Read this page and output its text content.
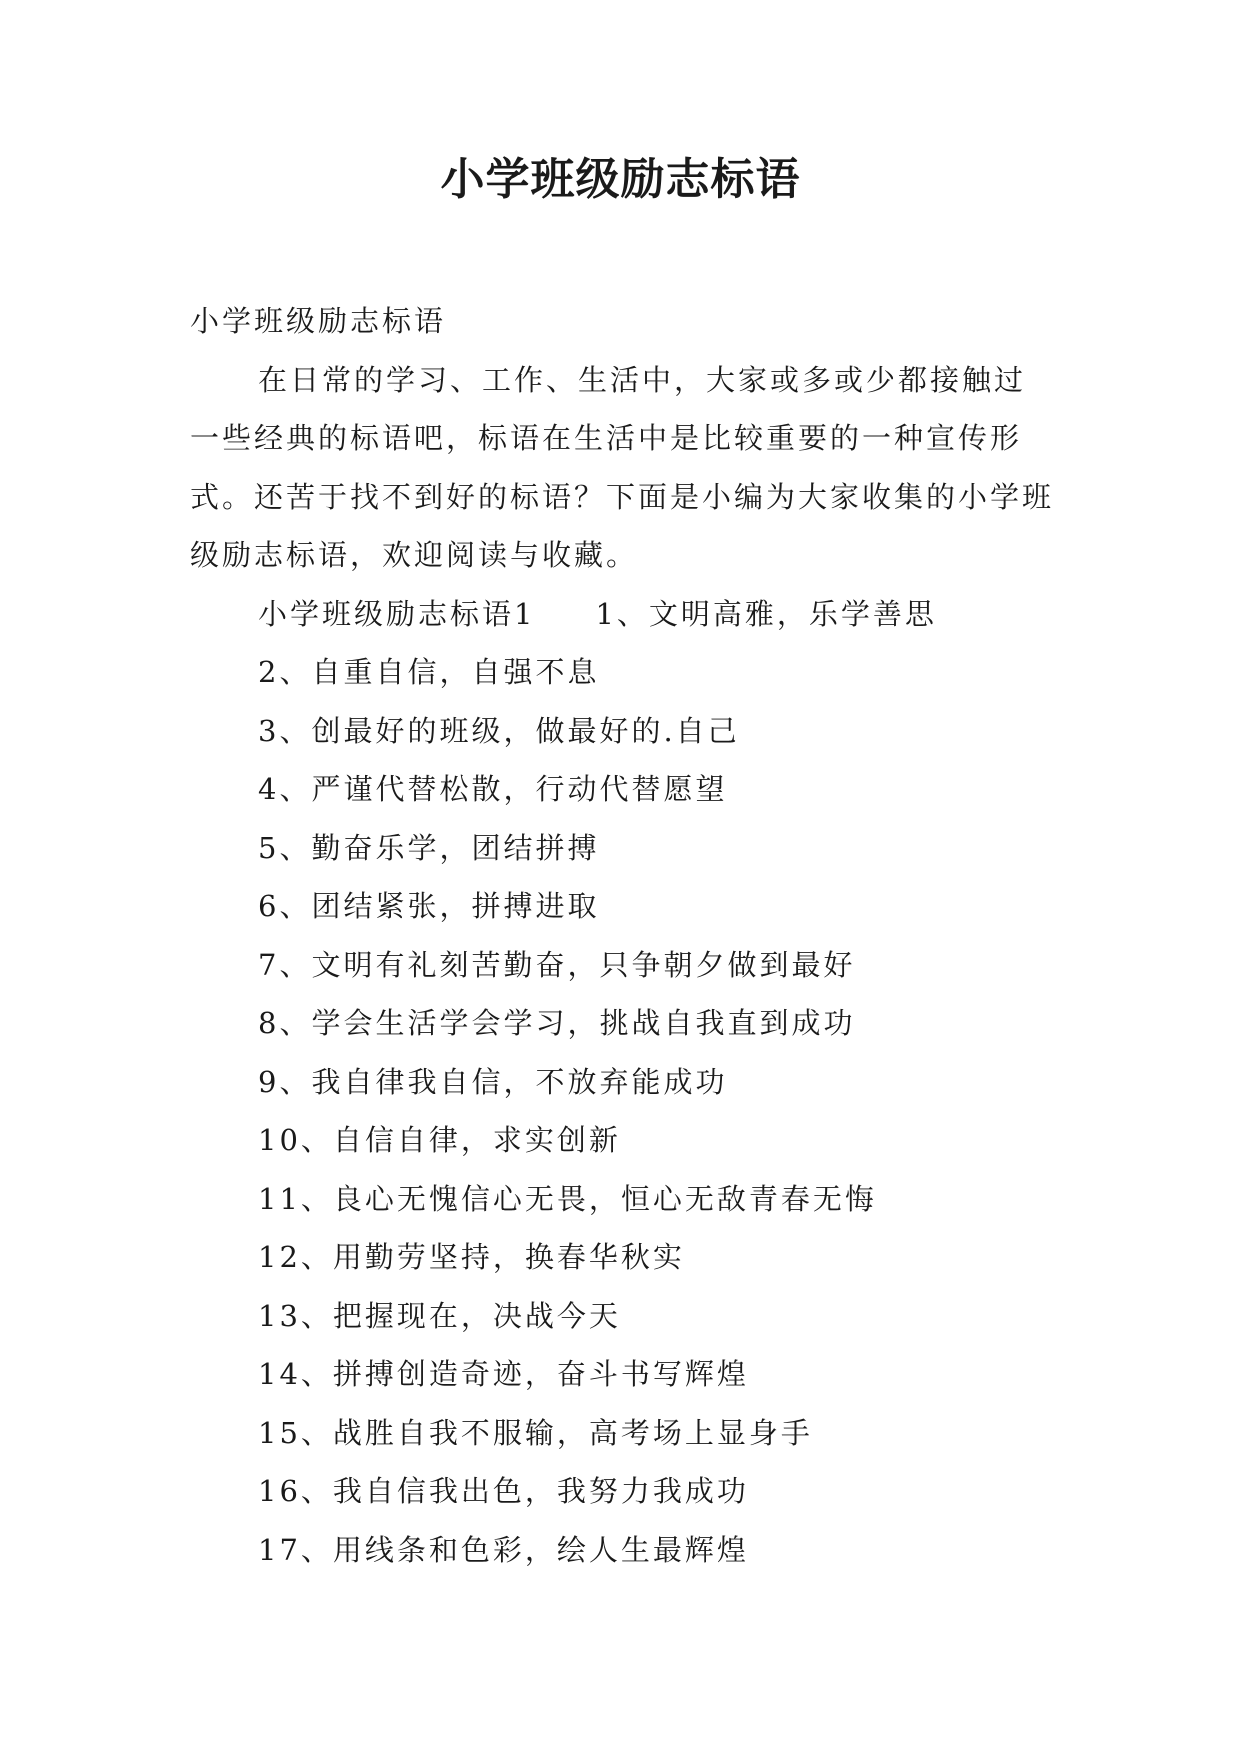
小学班级励志标语

小学班级励志标语

在日常的学习、工作、生活中，大家或多或少都接触过一些经典的标语吧，标语在生活中是比较重要的一种宣传形式。还苦于找不到好的标语？下面是小编为大家收集的小学班级励志标语，欢迎阅读与收藏。

小学班级励志标语1 1、文明高雅，乐学善思

2、自重自信，自强不息

3、创最好的班级，做最好的.自己

4、严谨代替松散，行动代替愿望

5、勤奋乐学，团结拼搏

6、团结紧张，拼搏进取

7、文明有礼刻苦勤奋，只争朝夕做到最好

8、学会生活学会学习，挑战自我直到成功

9、我自律我自信，不放弃能成功

10、自信自律，求实创新

11、良心无愧信心无畏，恒心无敌青春无悔

12、用勤劳坚持，换春华秋实

13、把握现在，决战今天

14、拼搏创造奇迹，奋斗书写辉煌

15、战胜自我不服输，高考场上显身手

16、我自信我出色，我努力我成功

17、用线条和色彩，绘人生最辉煌
